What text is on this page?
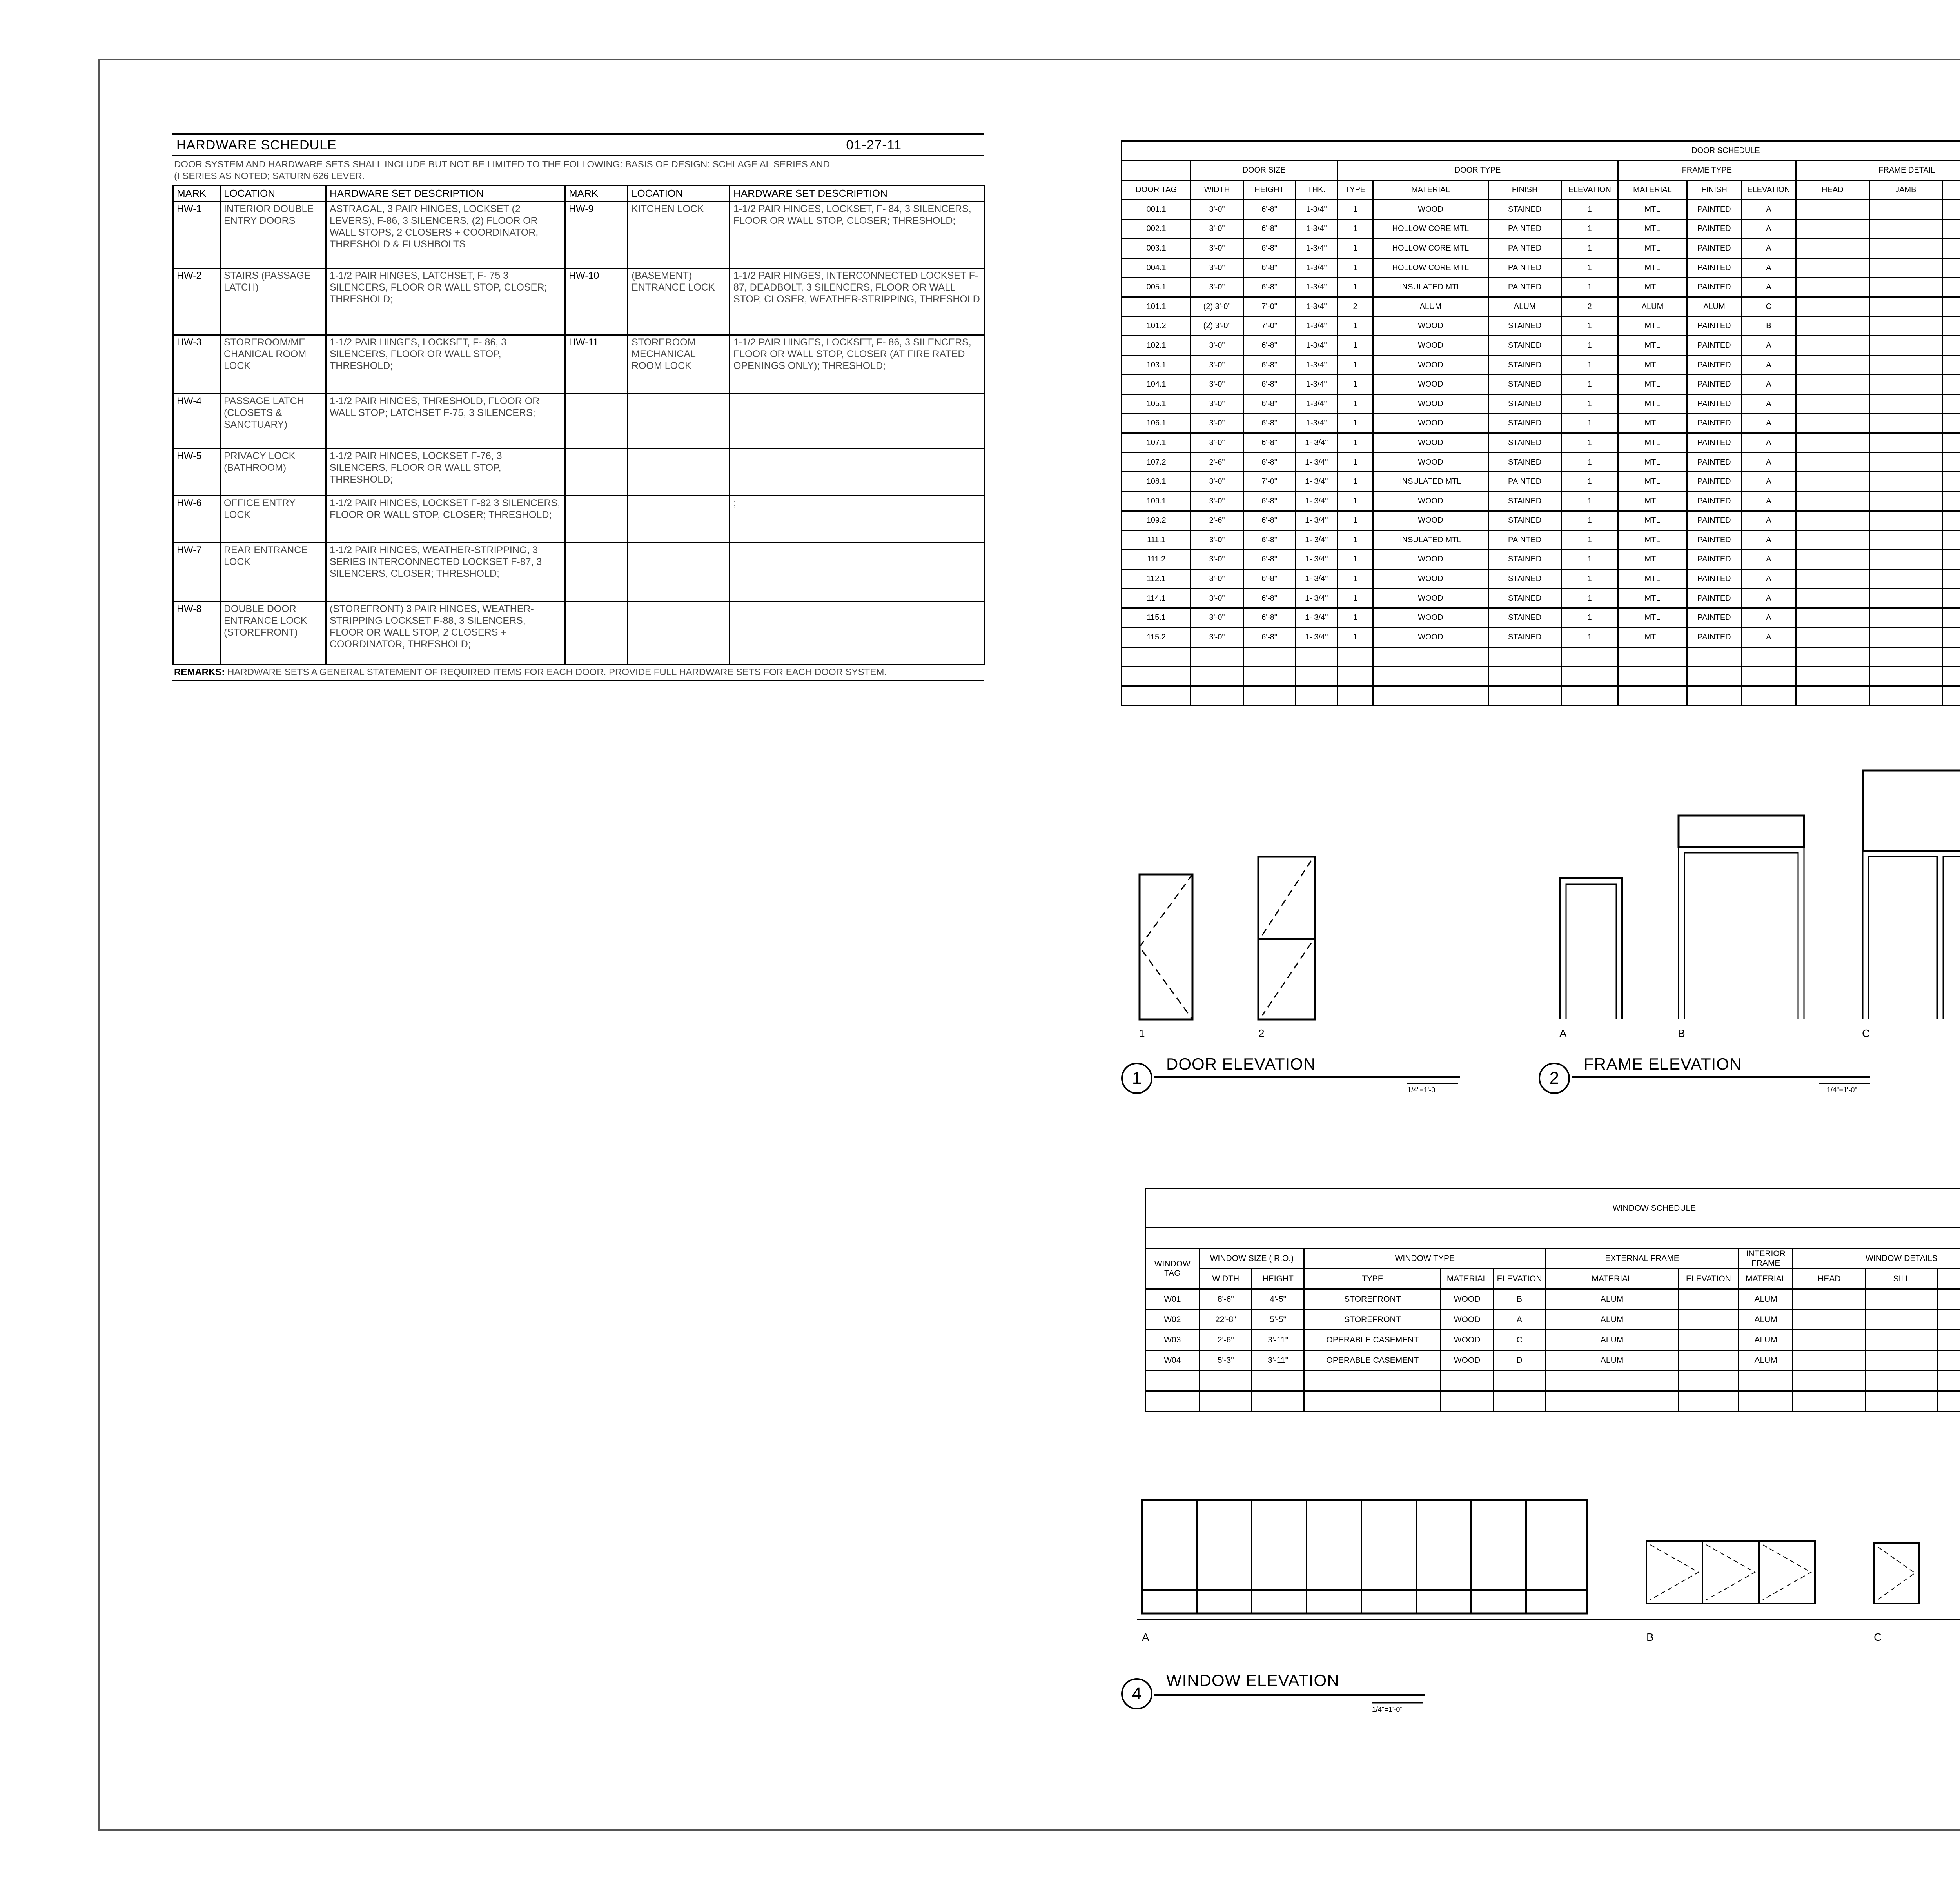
HARDWARE SCHEDULE	01-27-11
DOOR SYSTEM AND HARDWARE SETS SHALL INCLUDE BUT NOT BE LIMITED TO THE FOLLOWING: BASIS OF DESIGN: SCHLAGE AL SERIES AND
(I SERIES AS NOTED; SATURN 626 LEVER.
MARK	LOCATION	HARDWARE SET DESCRIPTION	MARK	LOCATION	HARDWARE SET DESCRIPTION
HW-1	INTERIOR DOUBLE ENTRY DOORS	ASTRAGAL, 3 PAIR HINGES, LOCKSET (2 LEVERS), F-86, 3 SILENCERS, (2) FLOOR OR WALL STOPS, 2 CLOSERS + COORDINATOR, THRESHOLD & FLUSHBOLTS	HW-9	KITCHEN LOCK	1-1/2 PAIR HINGES, LOCKSET, F- 84, 3 SILENCERS, FLOOR OR WALL STOP, CLOSER; THRESHOLD;
HW-2	STAIRS (PASSAGE LATCH)	1-1/2 PAIR HINGES, LATCHSET, F- 75 3 SILENCERS, FLOOR OR WALL STOP, CLOSER; THRESHOLD;	HW-10	(BASEMENT) ENTRANCE LOCK	1-1/2 PAIR HINGES, INTERCONNECTED LOCKSET F-87, DEADBOLT, 3 SILENCERS, FLOOR OR WALL STOP, CLOSER, WEATHER-STRIPPING, THRESHOLD
HW-3	STOREROOM/ME CHANICAL ROOM LOCK	1-1/2 PAIR HINGES, LOCKSET, F- 86, 3 SILENCERS, FLOOR OR WALL STOP, THRESHOLD;	HW-11	STOREROOM MECHANICAL ROOM LOCK	1-1/2 PAIR HINGES, LOCKSET, F- 86, 3 SILENCERS, FLOOR OR WALL STOP, CLOSER (AT FIRE RATED OPENINGS ONLY); THRESHOLD;
HW-4	PASSAGE LATCH (CLOSETS & SANCTUARY)	1-1/2 PAIR HINGES, THRESHOLD, FLOOR OR WALL STOP; LATCHSET F-75, 3 SILENCERS;			
HW-5	PRIVACY LOCK (BATHROOM)	1-1/2 PAIR HINGES, LOCKSET F-76, 3 SILENCERS, FLOOR OR WALL STOP, THRESHOLD;			
HW-6	OFFICE ENTRY LOCK	1-1/2 PAIR HINGES, LOCKSET F-82 3 SILENCERS, FLOOR OR WALL STOP, CLOSER; THRESHOLD;			;
HW-7	REAR ENTRANCE LOCK	1-1/2 PAIR HINGES, WEATHER-STRIPPING, 3 SERIES INTERCONNECTED LOCKSET F-87, 3 SILENCERS, CLOSER; THRESHOLD;			
HW-8	DOUBLE DOOR ENTRANCE LOCK (STOREFRONT)	(STOREFRONT) 3 PAIR HINGES, WEATHER-STRIPPING LOCKSET F-88, 3 SILENCERS, FLOOR OR WALL STOP, 2 CLOSERS + COORDINATOR, THRESHOLD;			
REMARKS: HARDWARE SETS A GENERAL STATEMENT OF REQUIRED ITEMS FOR EACH DOOR. PROVIDE FULL HARDWARE SETS FOR EACH DOOR SYSTEM.
DOOR SCHEDULE																
	DOOR SIZE			DOOR TYPE				FRAME TYPE			FRAME DETAIL	
DOOR TAG	WIDTH	HEIGHT	THK.	TYPE	MATERIAL	FINISH	ELEVATION	MATERIAL	FINISH	ELEVATION	HEAD	JAMB				
001.1	3'-0"	6'-8"	1-3/4"	1	WOOD	STAINED	1	MTL	PAINTED	A						
002.1	3'-0"	6'-8"	1-3/4"	1	HOLLOW CORE MTL	PAINTED	1	MTL	PAINTED	A						
003.1	3'-0"	6'-8"	1-3/4"	1	HOLLOW CORE MTL	PAINTED	1	MTL	PAINTED	A						
004.1	3'-0"	6'-8"	1-3/4"	1	HOLLOW CORE MTL	PAINTED	1	MTL	PAINTED	A						
005.1	3'-0"	6'-8"	1-3/4"	1	INSULATED MTL	PAINTED	1	MTL	PAINTED	A						
101.1	(2) 3'-0"	7'-0"	1-3/4"	2	ALUM	ALUM	2	ALUM	ALUM	C						
101.2	(2) 3'-0"	7'-0"	1-3/4"	1	WOOD	STAINED	1	MTL	PAINTED	B						
102.1	3'-0"	6'-8"	1-3/4"	1	WOOD	STAINED	1	MTL	PAINTED	A						
103.1	3'-0"	6'-8"	1-3/4"	1	WOOD	STAINED	1	MTL	PAINTED	A						
104.1	3'-0"	6'-8"	1-3/4"	1	WOOD	STAINED	1	MTL	PAINTED	A						
105.1	3'-0"	6'-8"	1-3/4"	1	WOOD	STAINED	1	MTL	PAINTED	A						
106.1	3'-0"	6'-8"	1-3/4"	1	WOOD	STAINED	1	MTL	PAINTED	A						
107.1	3'-0"	6'-8"	1- 3/4"	1	WOOD	STAINED	1	MTL	PAINTED	A						
107.2	2'-6"	6'-8"	1- 3/4"	1	WOOD	STAINED	1	MTL	PAINTED	A						
108.1	3'-0"	7'-0"	1- 3/4"	1	INSULATED MTL	PAINTED	1	MTL	PAINTED	A						
109.1	3'-0"	6'-8"	1- 3/4"	1	WOOD	STAINED	1	MTL	PAINTED	A						
109.2	2'-6"	6'-8"	1- 3/4"	1	WOOD	STAINED	1	MTL	PAINTED	A						
111.1	3'-0"	6'-8"	1- 3/4"	1	INSULATED MTL	PAINTED	1	MTL	PAINTED	A						
111.2	3'-0"	6'-8"	1- 3/4"	1	WOOD	STAINED	1	MTL	PAINTED	A						
112.1	3'-0"	6'-8"	1- 3/4"	1	WOOD	STAINED	1	MTL	PAINTED	A						
114.1	3'-0"	6'-8"	1- 3/4"	1	WOOD	STAINED	1	MTL	PAINTED	A						
115.1	3'-0"	6'-8"	1- 3/4"	1	WOOD	STAINED	1	MTL	PAINTED	A						
115.2	3'-0"	6'-8"	1- 3/4"	1	WOOD	STAINED	1	MTL	PAINTED	A						

1	2	A	B	C
A	B	C
1
DOOR ELEVATION
1/4"=1'-0"
2
FRAME ELEVATION
1/4"=1'-0"
4
WINDOW ELEVATION
1/4"=1'-0"
WINDOW SCHEDULE												

WINDOW TAG	WINDOW SIZE ( R.O.)		WINDOW TYPE			EXTERNAL FRAME		INTERIOR FRAME	WINDOW DETAILS	
	WIDTH	HEIGHT	TYPE	MATERIAL	ELEVATION	MATERIAL	ELEVATION	MATERIAL	HEAD	SILL	
W01	8'-6"	4'-5"	STOREFRONT	WOOD	B	ALUM		ALUM				
W02	22'-8"	5'-5"	STOREFRONT	WOOD	A	ALUM		ALUM				
W03	2'-6"	3'-11"	OPERABLE CASEMENT	WOOD	C	ALUM		ALUM				
W04	5'-3"	3'-11"	OPERABLE CASEMENT	WOOD	D	ALUM		ALUM				
